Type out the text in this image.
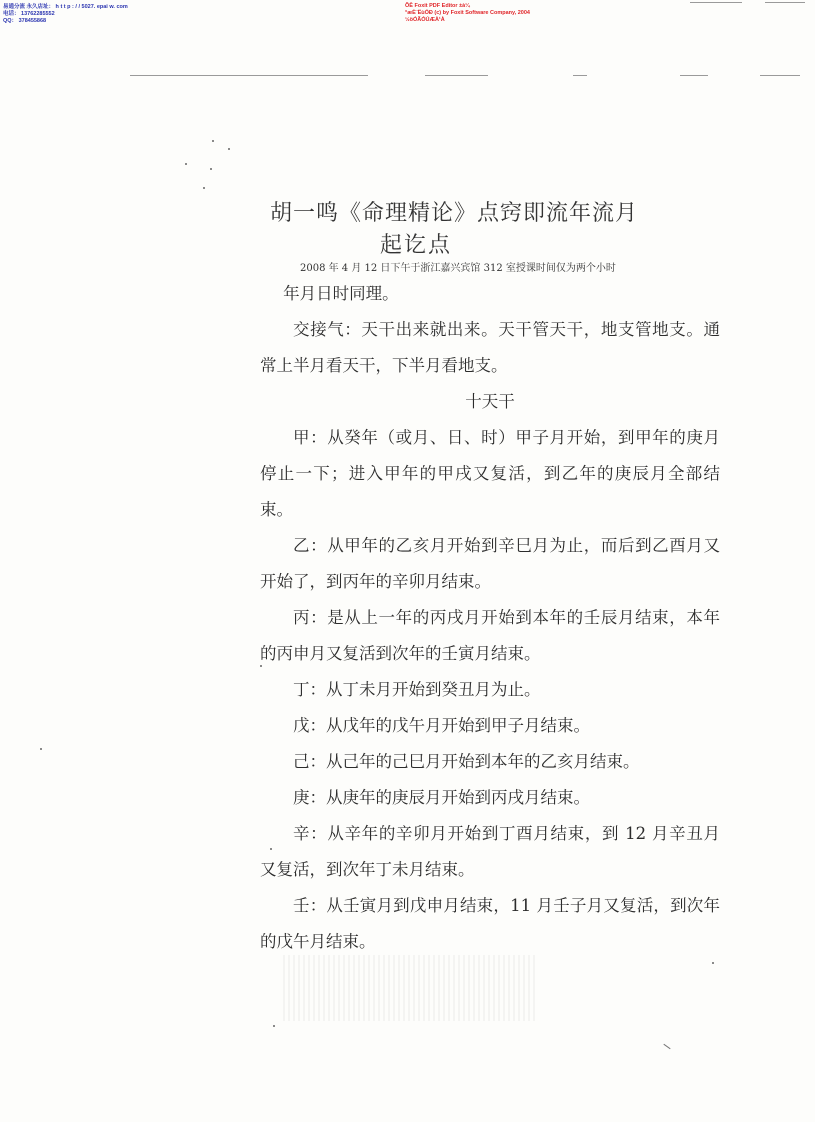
易通分流 永久店址： h t t p : / / 5027. epai w. com
电话： 13762285552
QQ： 378455868
ÕÊ Foxit PDF Editor ±à¼
°æÈ¨ËùÓÐ (c) by Foxit Software Company, 2004
½öÓÃÓÚÆÀ¹À
胡一鸣《命理精论》点窍即流年流月
起讫点
2008 年 4 月 12 日下午于浙江嘉兴宾馆 312 室授课时间仅为两个小时

年月日时同理。

交接气：天干出来就出来。天干管天干，地支管地支。通常上半月看天干，下半月看地支。

十天干

甲：从癸年（或月、日、时）甲子月开始，到甲年的庚月停止一下；进入甲年的甲戌又复活，到乙年的庚辰月全部结束。

乙：从甲年的乙亥月开始到辛巳月为止，而后到乙酉月又开始了，到丙年的辛卯月结束。

丙：是从上一年的丙戌月开始到本年的壬辰月结束，本年的丙申月又复活到次年的壬寅月结束。

丁：从丁未月开始到癸丑月为止。

戊：从戊年的戊午月开始到甲子月结束。

己：从己年的己巳月开始到本年的乙亥月结束。

庚：从庚年的庚辰月开始到丙戌月结束。

辛：从辛年的辛卯月开始到丁酉月结束，到 12 月辛丑月又复活，到次年丁未月结束。

壬：从壬寅月到戊申月结束，11 月壬子月又复活，到次年的戊午月结束。
